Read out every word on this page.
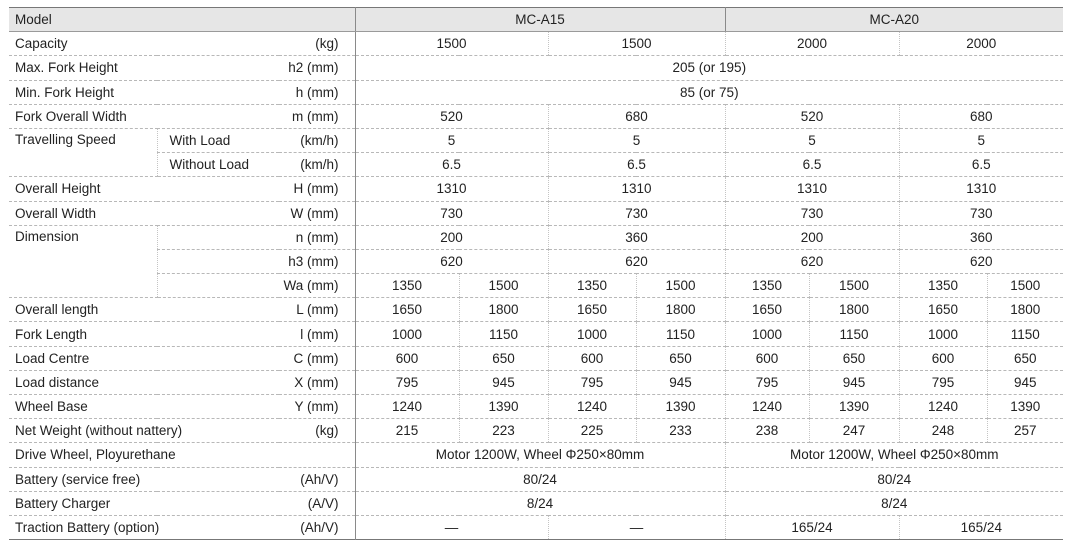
Model			MC-A15				MC-A20			
Capacity		(kg)	1500		1500		2000		2000	
Max. Fork Height		h2 (mm)	205 (or 195)							
Min. Fork Height		h (mm)	85 (or 75)							
Fork Overall Width		m (mm)	520		680		520		680	
Travelling Speed	With Load	(km/h)	5		5		5		5	
	Without Load	(km/h)	6.5		6.5		6.5		6.5	
Overall Height		H (mm)	1310		1310		1310		1310	
Overall Width		W (mm)	730		730		730		730	
Dimension		n (mm)	200		360		200		360	
		h3 (mm)	620		620		620		620	
		Wa (mm)	1350	1500	1350	1500	1350	1500	1350	1500
Overall length		L (mm)	1650	1800	1650	1800	1650	1800	1650	1800
Fork Length		l (mm)	1000	1150	1000	1150	1000	1150	1000	1150
Load Centre		C (mm)	600	650	600	650	600	650	600	650
Load distance		X (mm)	795	945	795	945	795	945	795	945
Wheel Base		Y (mm)	1240	1390	1240	1390	1240	1390	1240	1390
Net Weight (without nattery)		(kg)	215	223	225	233	238	247	248	257
Drive Wheel, Ployurethane			Motor 1200W, Wheel Φ250×80mm				Motor 1200W, Wheel Φ250×80mm			
Battery (service free)		(Ah/V)	80/24				80/24			
Battery Charger		(A/V)	8/24				8/24			
Traction Battery (option)		(Ah/V)	—		—		165/24		165/24	
